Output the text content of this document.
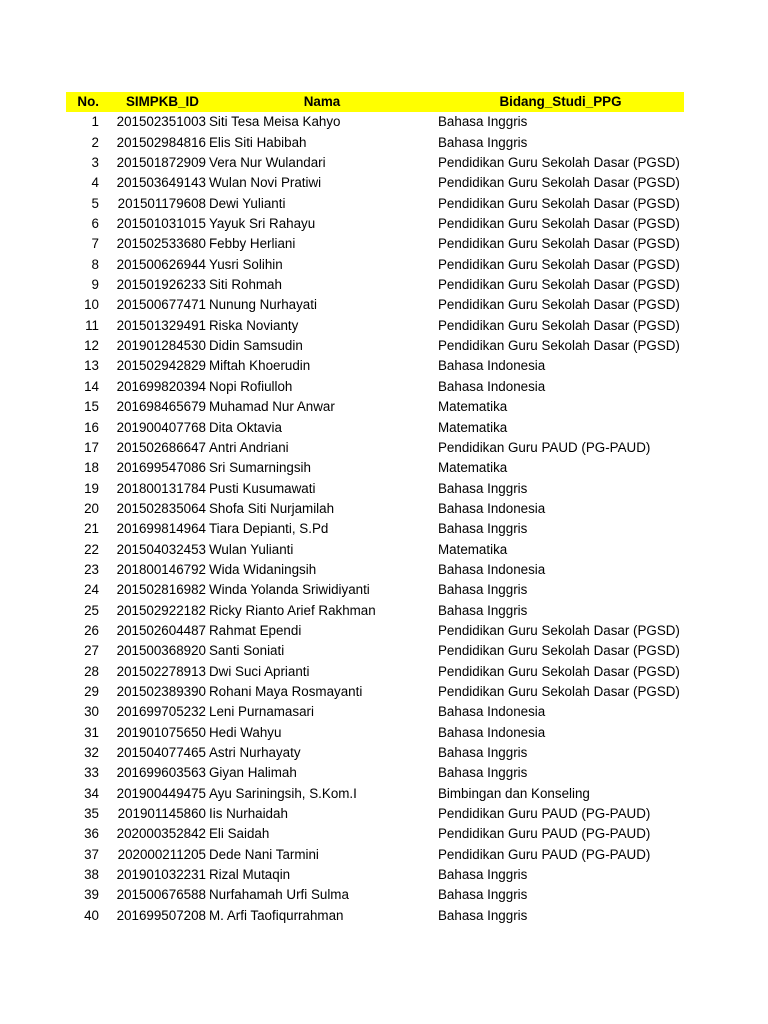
No.	SIMPKB_ID	Nama	Bidang_Studi_PPG
1	201502351003	Siti Tesa Meisa Kahyo	Bahasa Inggris
2	201502984816	Elis Siti Habibah	Bahasa Inggris
3	201501872909	Vera Nur Wulandari	Pendidikan Guru Sekolah Dasar (PGSD)
4	201503649143	Wulan Novi Pratiwi	Pendidikan Guru Sekolah Dasar (PGSD)
5	201501179608	Dewi Yulianti	Pendidikan Guru Sekolah Dasar (PGSD)
6	201501031015	Yayuk Sri Rahayu	Pendidikan Guru Sekolah Dasar (PGSD)
7	201502533680	Febby Herliani	Pendidikan Guru Sekolah Dasar (PGSD)
8	201500626944	Yusri Solihin	Pendidikan Guru Sekolah Dasar (PGSD)
9	201501926233	Siti Rohmah	Pendidikan Guru Sekolah Dasar (PGSD)
10	201500677471	Nunung Nurhayati	Pendidikan Guru Sekolah Dasar (PGSD)
11	201501329491	Riska Novianty	Pendidikan Guru Sekolah Dasar (PGSD)
12	201901284530	Didin Samsudin	Pendidikan Guru Sekolah Dasar (PGSD)
13	201502942829	Miftah Khoerudin	Bahasa Indonesia
14	201699820394	Nopi Rofiulloh	Bahasa Indonesia
15	201698465679	Muhamad Nur Anwar	Matematika
16	201900407768	Dita Oktavia	Matematika
17	201502686647	Antri Andriani	Pendidikan Guru PAUD (PG-PAUD)
18	201699547086	Sri Sumarningsih	Matematika
19	201800131784	Pusti Kusumawati	Bahasa Inggris
20	201502835064	Shofa Siti Nurjamilah	Bahasa Indonesia
21	201699814964	Tiara Depianti, S.Pd	Bahasa Inggris
22	201504032453	Wulan Yulianti	Matematika
23	201800146792	Wida Widaningsih	Bahasa Indonesia
24	201502816982	Winda Yolanda Sriwidiyanti	Bahasa Inggris
25	201502922182	Ricky Rianto Arief Rakhman	Bahasa Inggris
26	201502604487	Rahmat Ependi	Pendidikan Guru Sekolah Dasar (PGSD)
27	201500368920	Santi Soniati	Pendidikan Guru Sekolah Dasar (PGSD)
28	201502278913	Dwi Suci Aprianti	Pendidikan Guru Sekolah Dasar (PGSD)
29	201502389390	Rohani Maya Rosmayanti	Pendidikan Guru Sekolah Dasar (PGSD)
30	201699705232	Leni Purnamasari	Bahasa Indonesia
31	201901075650	Hedi Wahyu	Bahasa Indonesia
32	201504077465	Astri Nurhayaty	Bahasa Inggris
33	201699603563	Giyan Halimah	Bahasa Inggris
34	201900449475	Ayu Sariningsih, S.Kom.I	Bimbingan dan Konseling
35	201901145860	Iis Nurhaidah	Pendidikan Guru PAUD (PG-PAUD)
36	202000352842	Eli Saidah	Pendidikan Guru PAUD (PG-PAUD)
37	202000211205	Dede Nani Tarmini	Pendidikan Guru PAUD (PG-PAUD)
38	201901032231	Rizal Mutaqin	Bahasa Inggris
39	201500676588	Nurfahamah Urfi Sulma	Bahasa Inggris
40	201699507208	M. Arfi Taofiqurrahman	Bahasa Inggris
